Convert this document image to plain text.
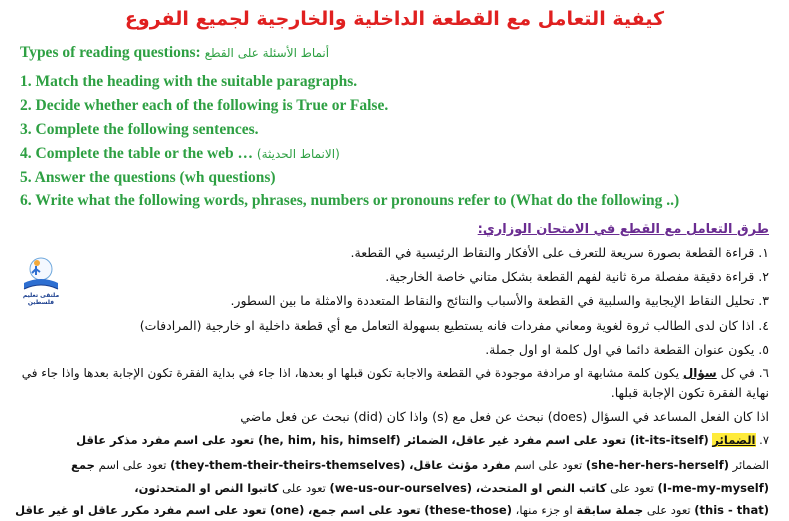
كيفية التعامل مع القطعة الداخلية والخارجية لجميع الفروع
Types of reading questions: أنماط الأسئلة على القطع
1. Match the heading with the suitable paragraphs.
2. Decide whether each of the following is True or False.
3. Complete the following sentences.
4. Complete the table or the web … (الانماط الحديثة)
5. Answer the questions (wh questions)
6. Write what the following words, phrases, numbers or pronouns refer to (What do the following ..)
طرق التعامل مع القطع في الامتحان الوزاري:
ملتقى تعليم فلسطين
١. قراءة القطعة بصورة سريعة للتعرف على الأفكار والنقاط الرئيسية في القطعة.
٢. قراءة دقيقة مفصلة مرة ثانية لفهم القطعة بشكل متاني خاصة الخارجية.
٣. تحليل النقاط الإيجابية والسلبية في القطعة والأسباب والنتائج والنقاط المتعددة والامثلة ما بين السطور.
٤. اذا كان لدى الطالب ثروة لغوية ومعاني مفردات فانه يستطيع بسهولة التعامل مع أي قطعة داخلية او خارجية (المرادفات)
٥. يكون عنوان القطعة دائما في اول كلمة او اول جملة.
٦. في كل سؤال يكون كلمة مشابهة او مرادفة موجودة في القطعة والاجابة تكون قبلها او بعدها، اذا جاء في بداية الفقرة تكون الإجابة بعدها واذا جاء في
نهاية الفقرة تكون الإجابة قبلها.
اذا كان الفعل المساعد في السؤال (does) نبحث عن فعل مع (s) واذا كان (did) نبحث عن فعل ماضي
٧. الضمائر (it-its-itself) تعود على اسم مفرد غير عاقل، الضمائر (he, him, his, himself) تعود على اسم مفرد مذكر عاقل
الضمائر (she-her-hers-herself) تعود على اسم مفرد مؤنث عاقل، (they-them-their-theirs-themselves) تعود على اسم جمع
(I-me-my-myself) تعود على كاتب النص او المتحدث، (we-us-our-ourselves) تعود على كاتبوا النص او المتحدثون،
(this - that) تعود على جملة سابقة او جزء منها، (these-those) تعود على اسم جمع، (one) تعود على اسم مفرد مكرر عاقل او غير عاقل
